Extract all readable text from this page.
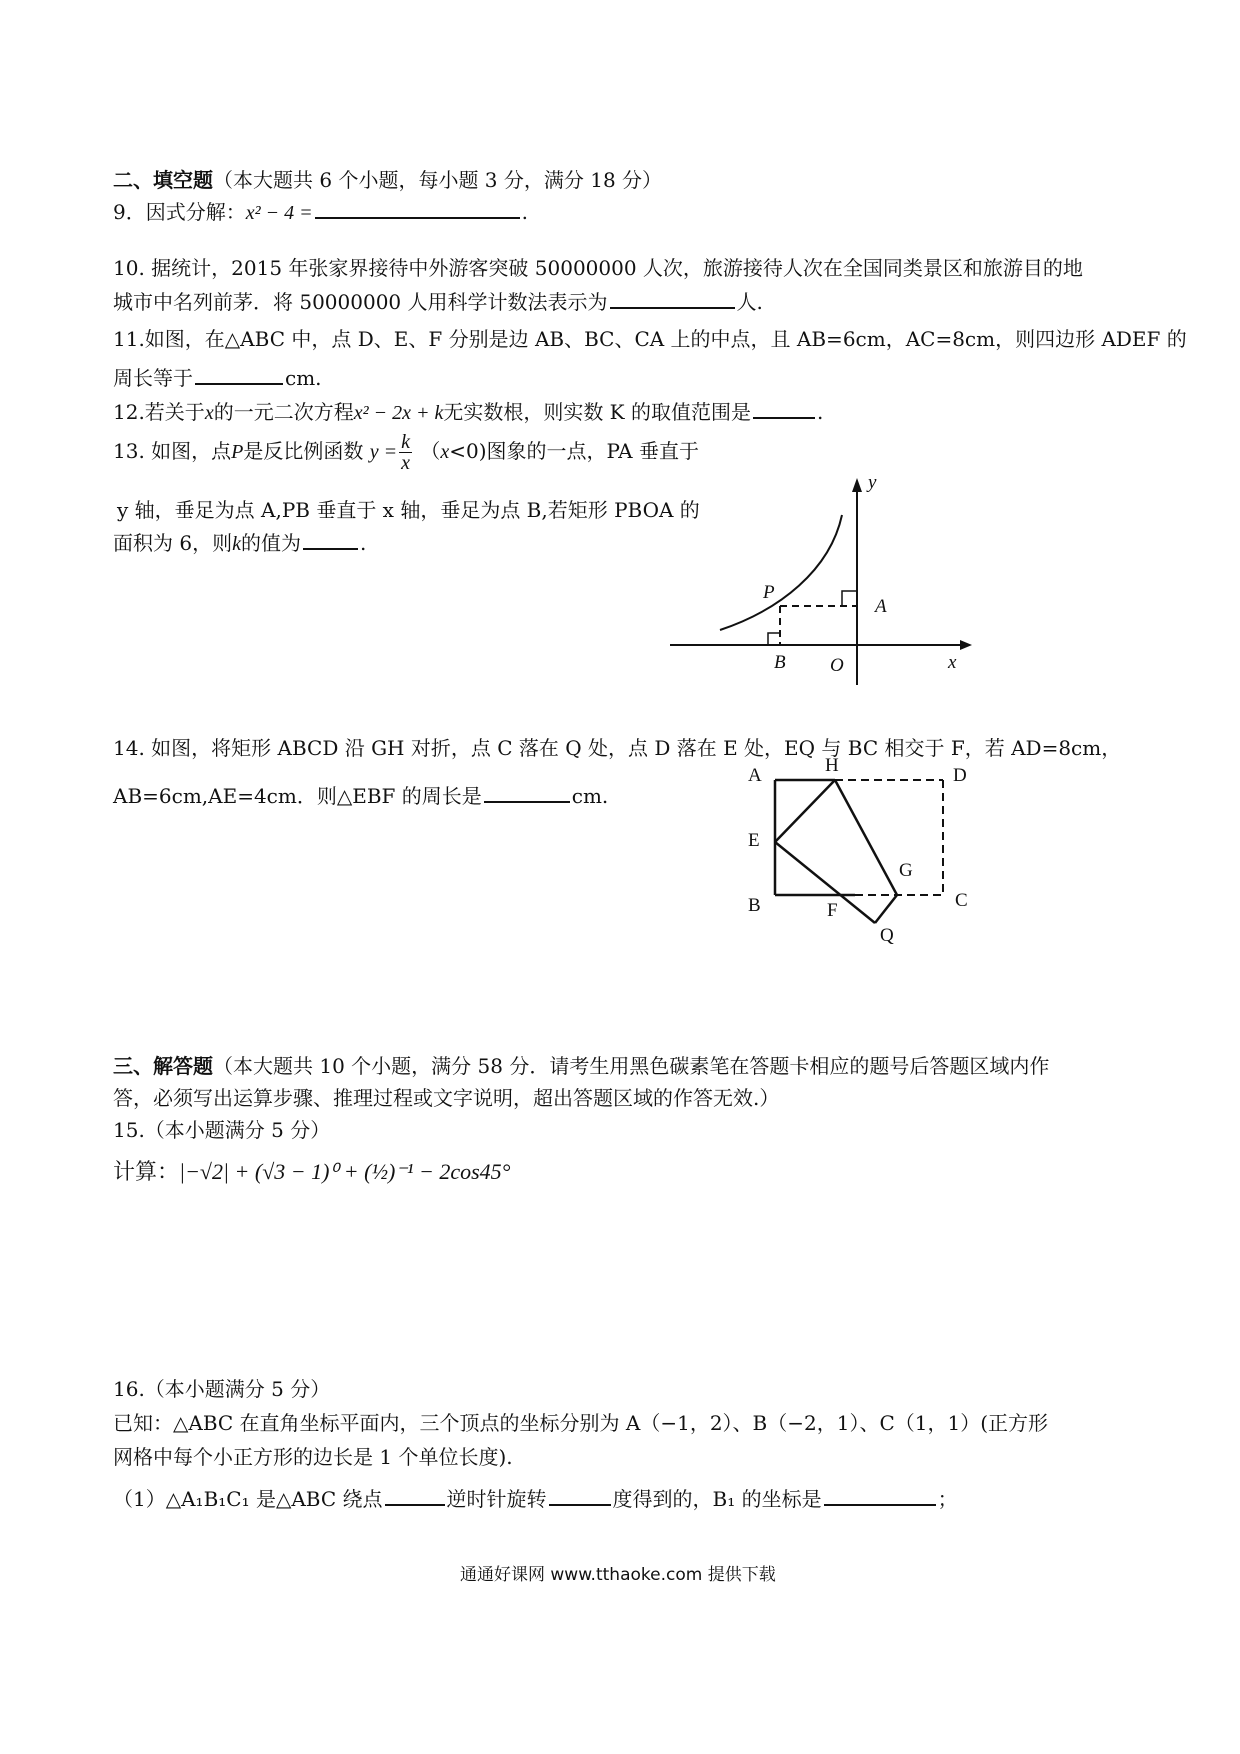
二、填空题（本大题共 6 个小题，每小题 3 分，满分 18 分）
9．因式分解：x² − 4 =	.
10. 据统计，2015 年张家界接待中外游客突破 50000000 人次，旅游接待人次在全国同类景区和旅游目的地
城市中名列前茅．将 50000000 人用科学计数法表示为	人.
11.如图，在△ABC 中，点 D、E、F 分别是边 AB、BC、CA 上的中点，且 AB=6cm，AC=8cm，则四边形 ADEF 的
周长等于	cm.
12.若关于x的一元二次方程x² − 2x + k无实数根，则实数 K 的取值范围是	.
13. 如图，点P是反比例函数 $y = \frac{k}{x} (x<0)$图象的一点，PA 垂直于
y 轴，垂足为点 A,PB 垂直于 x 轴，垂足为点 B,若矩形 PBOA 的
面积为 6，则k的值为	.
y
x
P
A
B O
14. 如图，将矩形 ABCD 沿 GH 对折，点 C 落在 Q 处，点 D 落在 E 处，EQ 与 BC 相交于 F，若 AD=8cm，
AB=6cm,AE=4cm．则△EBF 的周长是	cm.
A	H	D
E
G
B	F	C
Q
三、解答题（本大题共 10 个小题，满分 58 分．请考生用黑色碳素笔在答题卡相应的题号后答题区域内作
答，必须写出运算步骤、推理过程或文字说明，超出答题区域的作答无效.）
15.（本小题满分 5 分）
计算：|−√2| + (√3 − 1)⁰ + (½)⁻¹ − 2cos45°
16.（本小题满分 5 分）
已知：△ABC 在直角坐标平面内，三个顶点的坐标分别为 A（−1，2）、B（−2，1）、C（1，1）(正方形
网格中每个小正方形的边长是 1 个单位长度).
（1）△A₁B₁C₁ 是△ABC 绕点	逆时针旋转	度得到的，B₁ 的坐标是	；
通通好课网 www.tthaoke.com 提供下载
